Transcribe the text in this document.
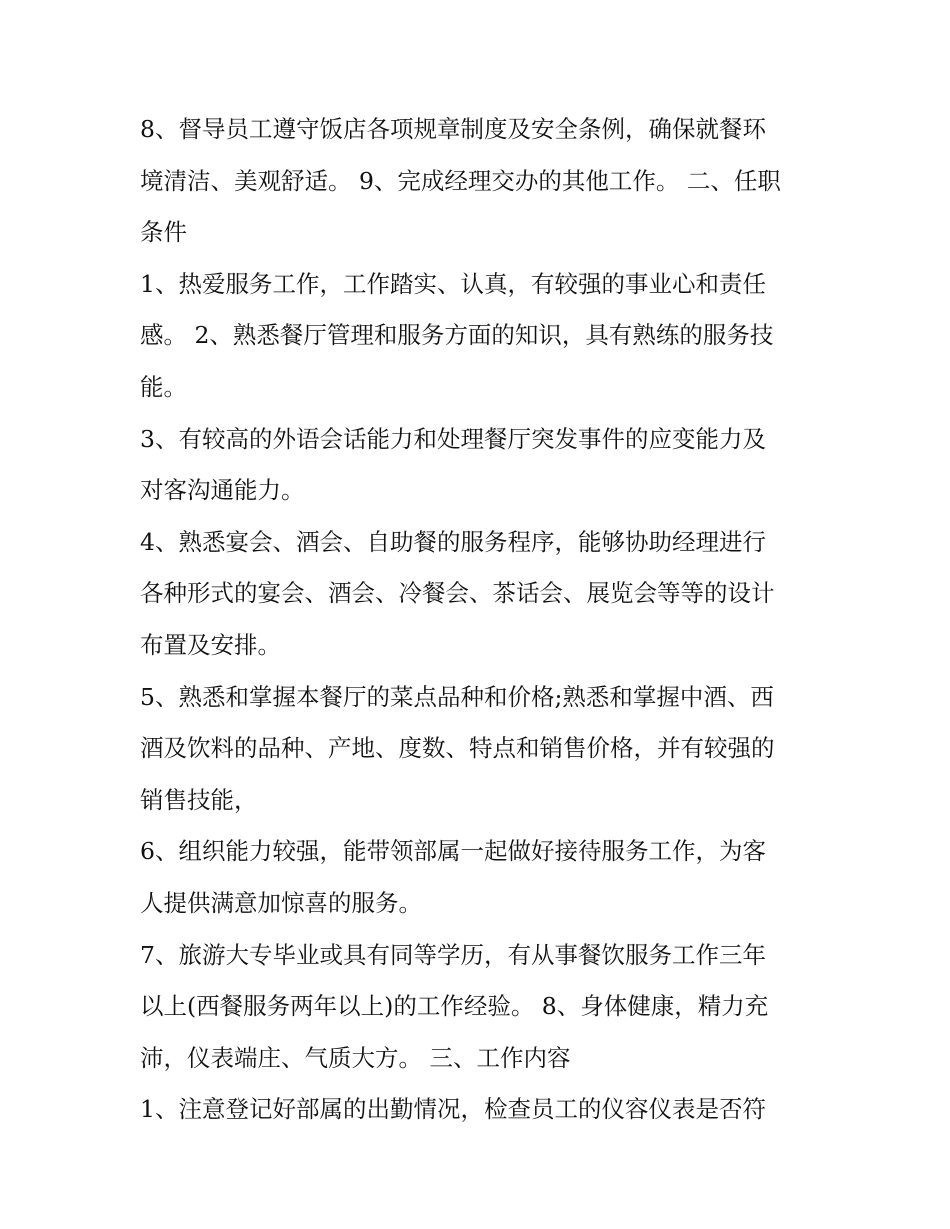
8、督导员工遵守饭店各项规章制度及安全条例，确保就餐环
境清洁、美观舒适。 9、完成经理交办的其他工作。 二、任职
条件
1、热爱服务工作，工作踏实、认真，有较强的事业心和责任
感。 2、熟悉餐厅管理和服务方面的知识，具有熟练的服务技
能。
3、有较高的外语会话能力和处理餐厅突发事件的应变能力及
对客沟通能力。
4、熟悉宴会、酒会、自助餐的服务程序，能够协助经理进行
各种形式的宴会、酒会、冷餐会、茶话会、展览会等等的设计
布置及安排。
5、熟悉和掌握本餐厅的菜点品种和价格;熟悉和掌握中酒、西
酒及饮料的品种、产地、度数、特点和销售价格，并有较强的
销售技能，
6、组织能力较强，能带领部属一起做好接待服务工作，为客
人提供满意加惊喜的服务。
7、旅游大专毕业或具有同等学历，有从事餐饮服务工作三年
以上(西餐服务两年以上)的工作经验。 8、身体健康，精力充
沛，仪表端庄、气质大方。 三、工作内容
1、注意登记好部属的出勤情况，检查员工的仪容仪表是否符
